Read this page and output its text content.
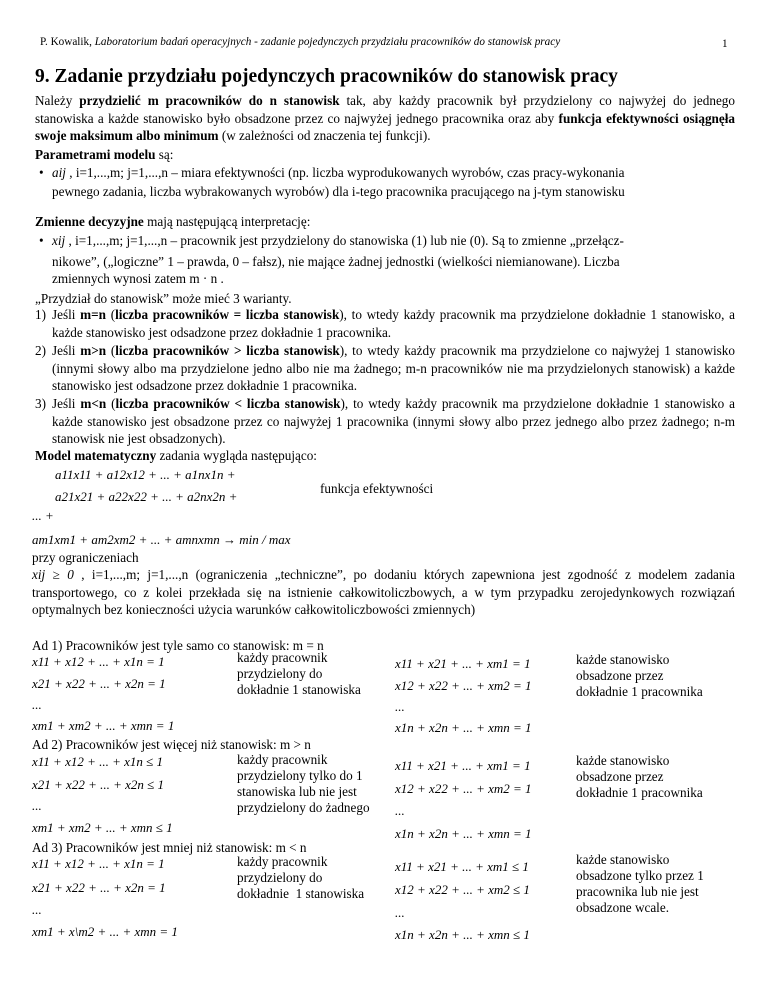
P. Kowalik, Laboratorium badań operacyjnych - zadanie pojedynczych przydziału pracowników do stanowisk pracy	1
9. Zadanie przydziału pojedynczych pracowników do stanowisk pracy
Należy przydzielić m pracowników do n stanowisk tak, aby każdy pracownik był przydzielony co najwyżej do jednego stanowiska a każde stanowisko było obsadzone przez co najwyżej jednego pracownika oraz aby funkcja efektywności osiągnęła swoje maksimum albo minimum (w zależności od znaczenia tej funkcji).
Parametrami modelu są:
• aij , i=1,...,m; j=1,...,n – miara efektywności (np. liczba wyprodukowanych wyrobów, czas pracy-wykonania
pewnego zadania, liczba wybrakowanych wyrobów) dla i-tego pracownika pracującego na j-tym stanowisku
Zmienne decyzyjne mają następującą interpretację:
• xij , i=1,...,m; j=1,...,n – pracownik jest przydzielony do stanowiska (1) lub nie (0). Są to zmienne „przełącz-
nikowe”, („logiczne” 1 – prawda, 0 – fałsz), nie mające żadnej jednostki (wielkości niemianowane). Liczba
zmiennych wynosi zatem m · n .
„Przydział do stanowisk” może mieć 3 warianty.
1) Jeśli m=n (liczba pracowników = liczba stanowisk), to wtedy każdy pracownik ma przydzielone dokładnie 1 stanowisko, a każde stanowisko jest odsadzone przez dokładnie 1 pracownika.
2) Jeśli m>n (liczba pracowników > liczba stanowisk), to wtedy każdy pracownik ma przydzielone co najwyżej 1 stanowisko (innymi słowy albo ma przydzielone jedno albo nie ma żadnego; m-n pracowników nie ma przydzielonych stanowisk) a każde stanowisko jest odsadzone przez dokładnie 1 pracownika.
3) Jeśli m<n (liczba pracowników < liczba stanowisk), to wtedy każdy pracownik ma przydzielone dokładnie 1 stanowisko a każde stanowisko jest obsadzone przez co najwyżej 1 pracownika (innymi słowy albo przez jednego albo przez żadnego; n-m stanowisk nie jest obsadzonych).
Model matematyczny zadania wygląda następująco:
a11x11 + a12x12 + ... + a1nx1n +
a21x21 + a22x22 + ... + a2nx2n +
funkcja efektywności
... +
am1xm1 + am2xm2 + ... + amnxmn → min / max
przy ograniczeniach
xij ≥ 0 , i=1,...,m; j=1,...,n (ograniczenia „techniczne”, po dodaniu których zapewniona jest zgodność z modelem zadania transportowego, co z kolei przekłada się na istnienie całkowitoliczbowych, a w tym przypadku zerojedynkowych rozwiązań optymalnych bez konieczności użycia warunków całkowitoliczbowości zmiennych)
Ad 1) Pracowników jest tyle samo co stanowisk: m = n
x11 + x12 + ... + x1n = 1
x21 + x22 + ... + x2n = 1
...
xm1 + xm2 + ... + xmn = 1
każdy pracownik
przydzielony do
dokładnie 1 stanowiska
x11 + x21 + ... + xm1 = 1
x12 + x22 + ... + xm2 = 1
...
x1n + x2n + ... + xmn = 1
każde stanowisko
obsadzone przez
dokładnie 1 pracownika
Ad 2) Pracowników jest więcej niż stanowisk: m > n
x11 + x12 + ... + x1n ≤ 1
x21 + x22 + ... + x2n ≤ 1
...
xm1 + xm2 + ... + xmn ≤ 1
każdy pracownik
przydzielony tylko do 1
stanowiska lub nie jest
przydzielony do żadnego
x11 + x21 + ... + xm1 = 1
x12 + x22 + ... + xm2 = 1
...
x1n + x2n + ... + xmn = 1
każde stanowisko
obsadzone przez
dokładnie 1 pracownika
Ad 3) Pracowników jest mniej niż stanowisk: m < n
x11 + x12 + ... + x1n = 1
x21 + x22 + ... + x2n = 1
...
xm1 + x\m2 + ... + xmn = 1
każdy pracownik
przydzielony do
dokładnie  1 stanowiska
x11 + x21 + ... + xm1 ≤ 1
x12 + x22 + ... + xm2 ≤ 1
...
x1n + x2n + ... + xmn ≤ 1
każde stanowisko
obsadzone tylko przez 1
pracownika lub nie jest
obsadzone wcale.
